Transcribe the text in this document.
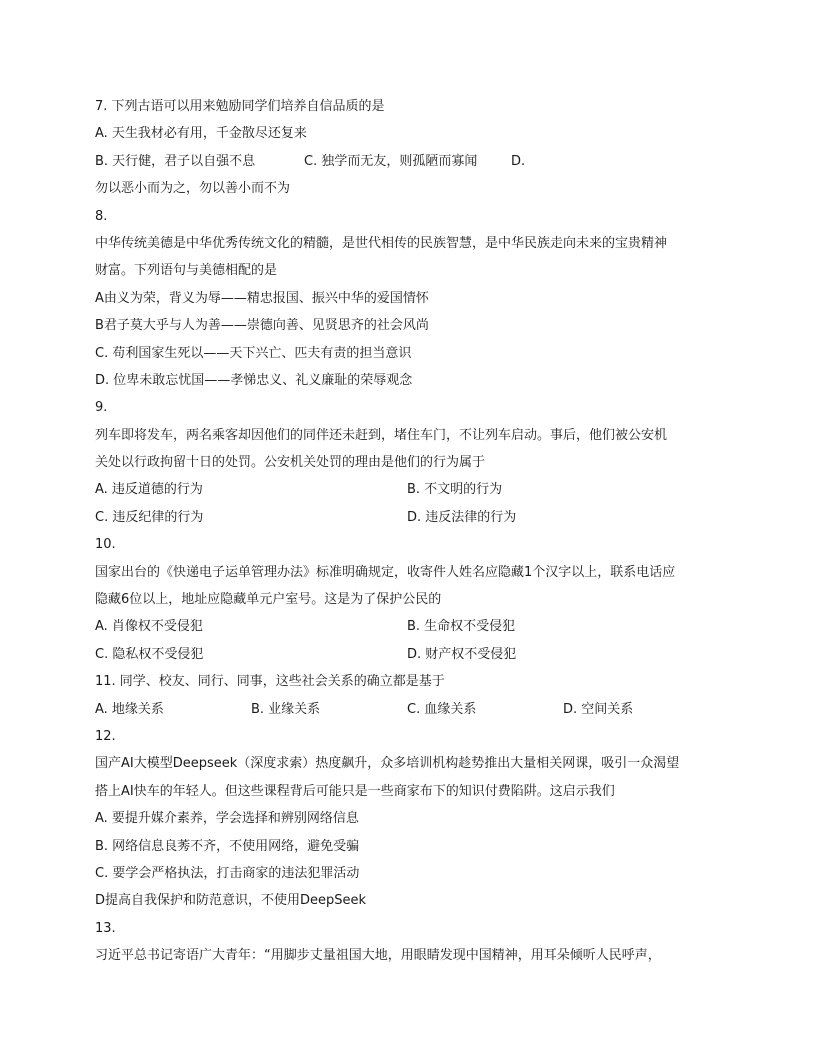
7. 下列古语可以用来勉励同学们培养自信品质的是
A. 天生我材必有用，千金散尽还复来
B. 天行健，君子以自强不息	C. 独学而无友，则孤陋而寡闻	D.
勿以恶小而为之，勿以善小而不为
8.
中华传统美德是中华优秀传统文化的精髓，是世代相传的民族智慧，是中华民族走向未来的宝贵精神
财富。下列语句与美德相配的是
A由义为荣，背义为辱——精忠报国、振兴中华的爱国情怀
B君子莫大乎与人为善——崇德向善、见贤思齐的社会风尚
C. 苟利国家生死以——天下兴亡、匹夫有责的担当意识
D. 位卑未敢忘忧国——孝悌忠义、礼义廉耻的荣辱观念
9.
列车即将发车，两名乘客却因他们的同伴还未赶到，堵住车门，不让列车启动。事后，他们被公安机
关处以行政拘留十日的处罚。公安机关处罚的理由是他们的行为属于
A. 违反道德的行为	B. 不文明的行为
C. 违反纪律的行为	D. 违反法律的行为
10.
国家出台的《快递电子运单管理办法》标准明确规定，收寄件人姓名应隐藏1个汉字以上，联系电话应
隐藏6位以上，地址应隐藏单元户室号。这是为了保护公民的
A. 肖像权不受侵犯	B. 生命权不受侵犯
C. 隐私权不受侵犯	D. 财产权不受侵犯
11. 同学、校友、同行、同事，这些社会关系的确立都是基于
A. 地缘关系	B. 业缘关系	C. 血缘关系	D. 空间关系
12.
国产AI大模型Deepseek（深度求索）热度飙升，众多培训机构趁势推出大量相关网课，吸引一众渴望
搭上AI快车的年轻人。但这些课程背后可能只是一些商家布下的知识付费陷阱。这启示我们
A. 要提升媒介素养，学会选择和辨别网络信息
B. 网络信息良莠不齐，不使用网络，避免受骗
C. 要学会严格执法，打击商家的违法犯罪活动
D提高自我保护和防范意识，不使用DeepSeek
13.
习近平总书记寄语广大青年：“用脚步丈量祖国大地，用眼睛发现中国精神，用耳朵倾听人民呼声，
